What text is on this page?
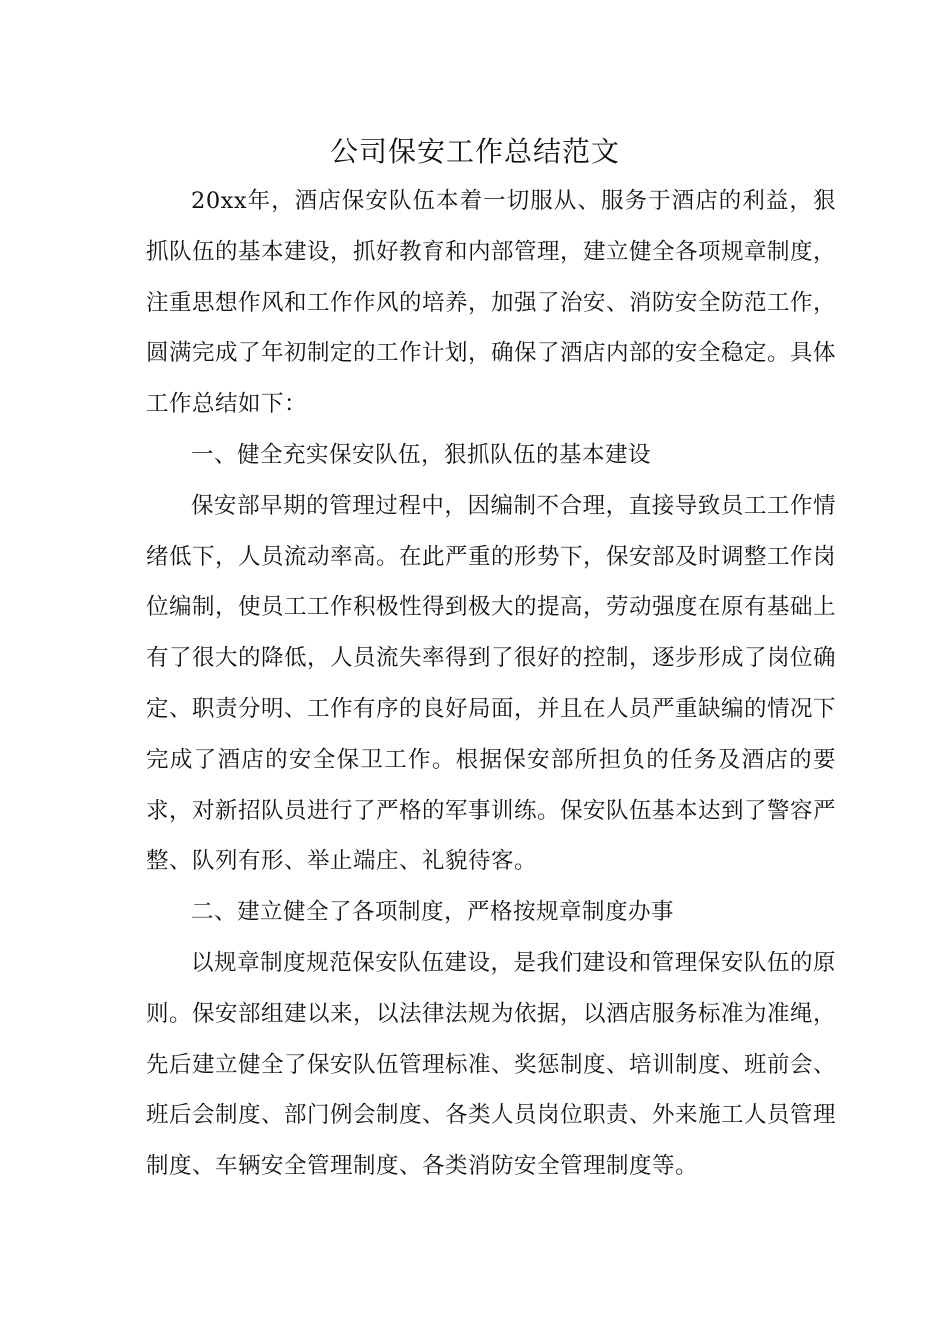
公司保安工作总结范文

20xx年，酒店保安队伍本着一切服从、服务于酒店的利益，狠抓队伍的基本建设，抓好教育和内部管理，建立健全各项规章制度，注重思想作风和工作作风的培养，加强了治安、消防安全防范工作，圆满完成了年初制定的工作计划，确保了酒店内部的安全稳定。具体工作总结如下：

一、健全充实保安队伍，狠抓队伍的基本建设

保安部早期的管理过程中，因编制不合理，直接导致员工工作情绪低下，人员流动率高。在此严重的形势下，保安部及时调整工作岗位编制，使员工工作积极性得到极大的提高，劳动强度在原有基础上有了很大的降低，人员流失率得到了很好的控制，逐步形成了岗位确定、职责分明、工作有序的良好局面，并且在人员严重缺编的情况下完成了酒店的安全保卫工作。根据保安部所担负的任务及酒店的要求，对新招队员进行了严格的军事训练。保安队伍基本达到了警容严整、队列有形、举止端庄、礼貌待客。

二、建立健全了各项制度，严格按规章制度办事

以规章制度规范保安队伍建设，是我们建设和管理保安队伍的原则。保安部组建以来，以法律法规为依据，以酒店服务标准为准绳，先后建立健全了保安队伍管理标准、奖惩制度、培训制度、班前会、班后会制度、部门例会制度、各类人员岗位职责、外来施工人员管理制度、车辆安全管理制度、各类消防安全管理制度等。
